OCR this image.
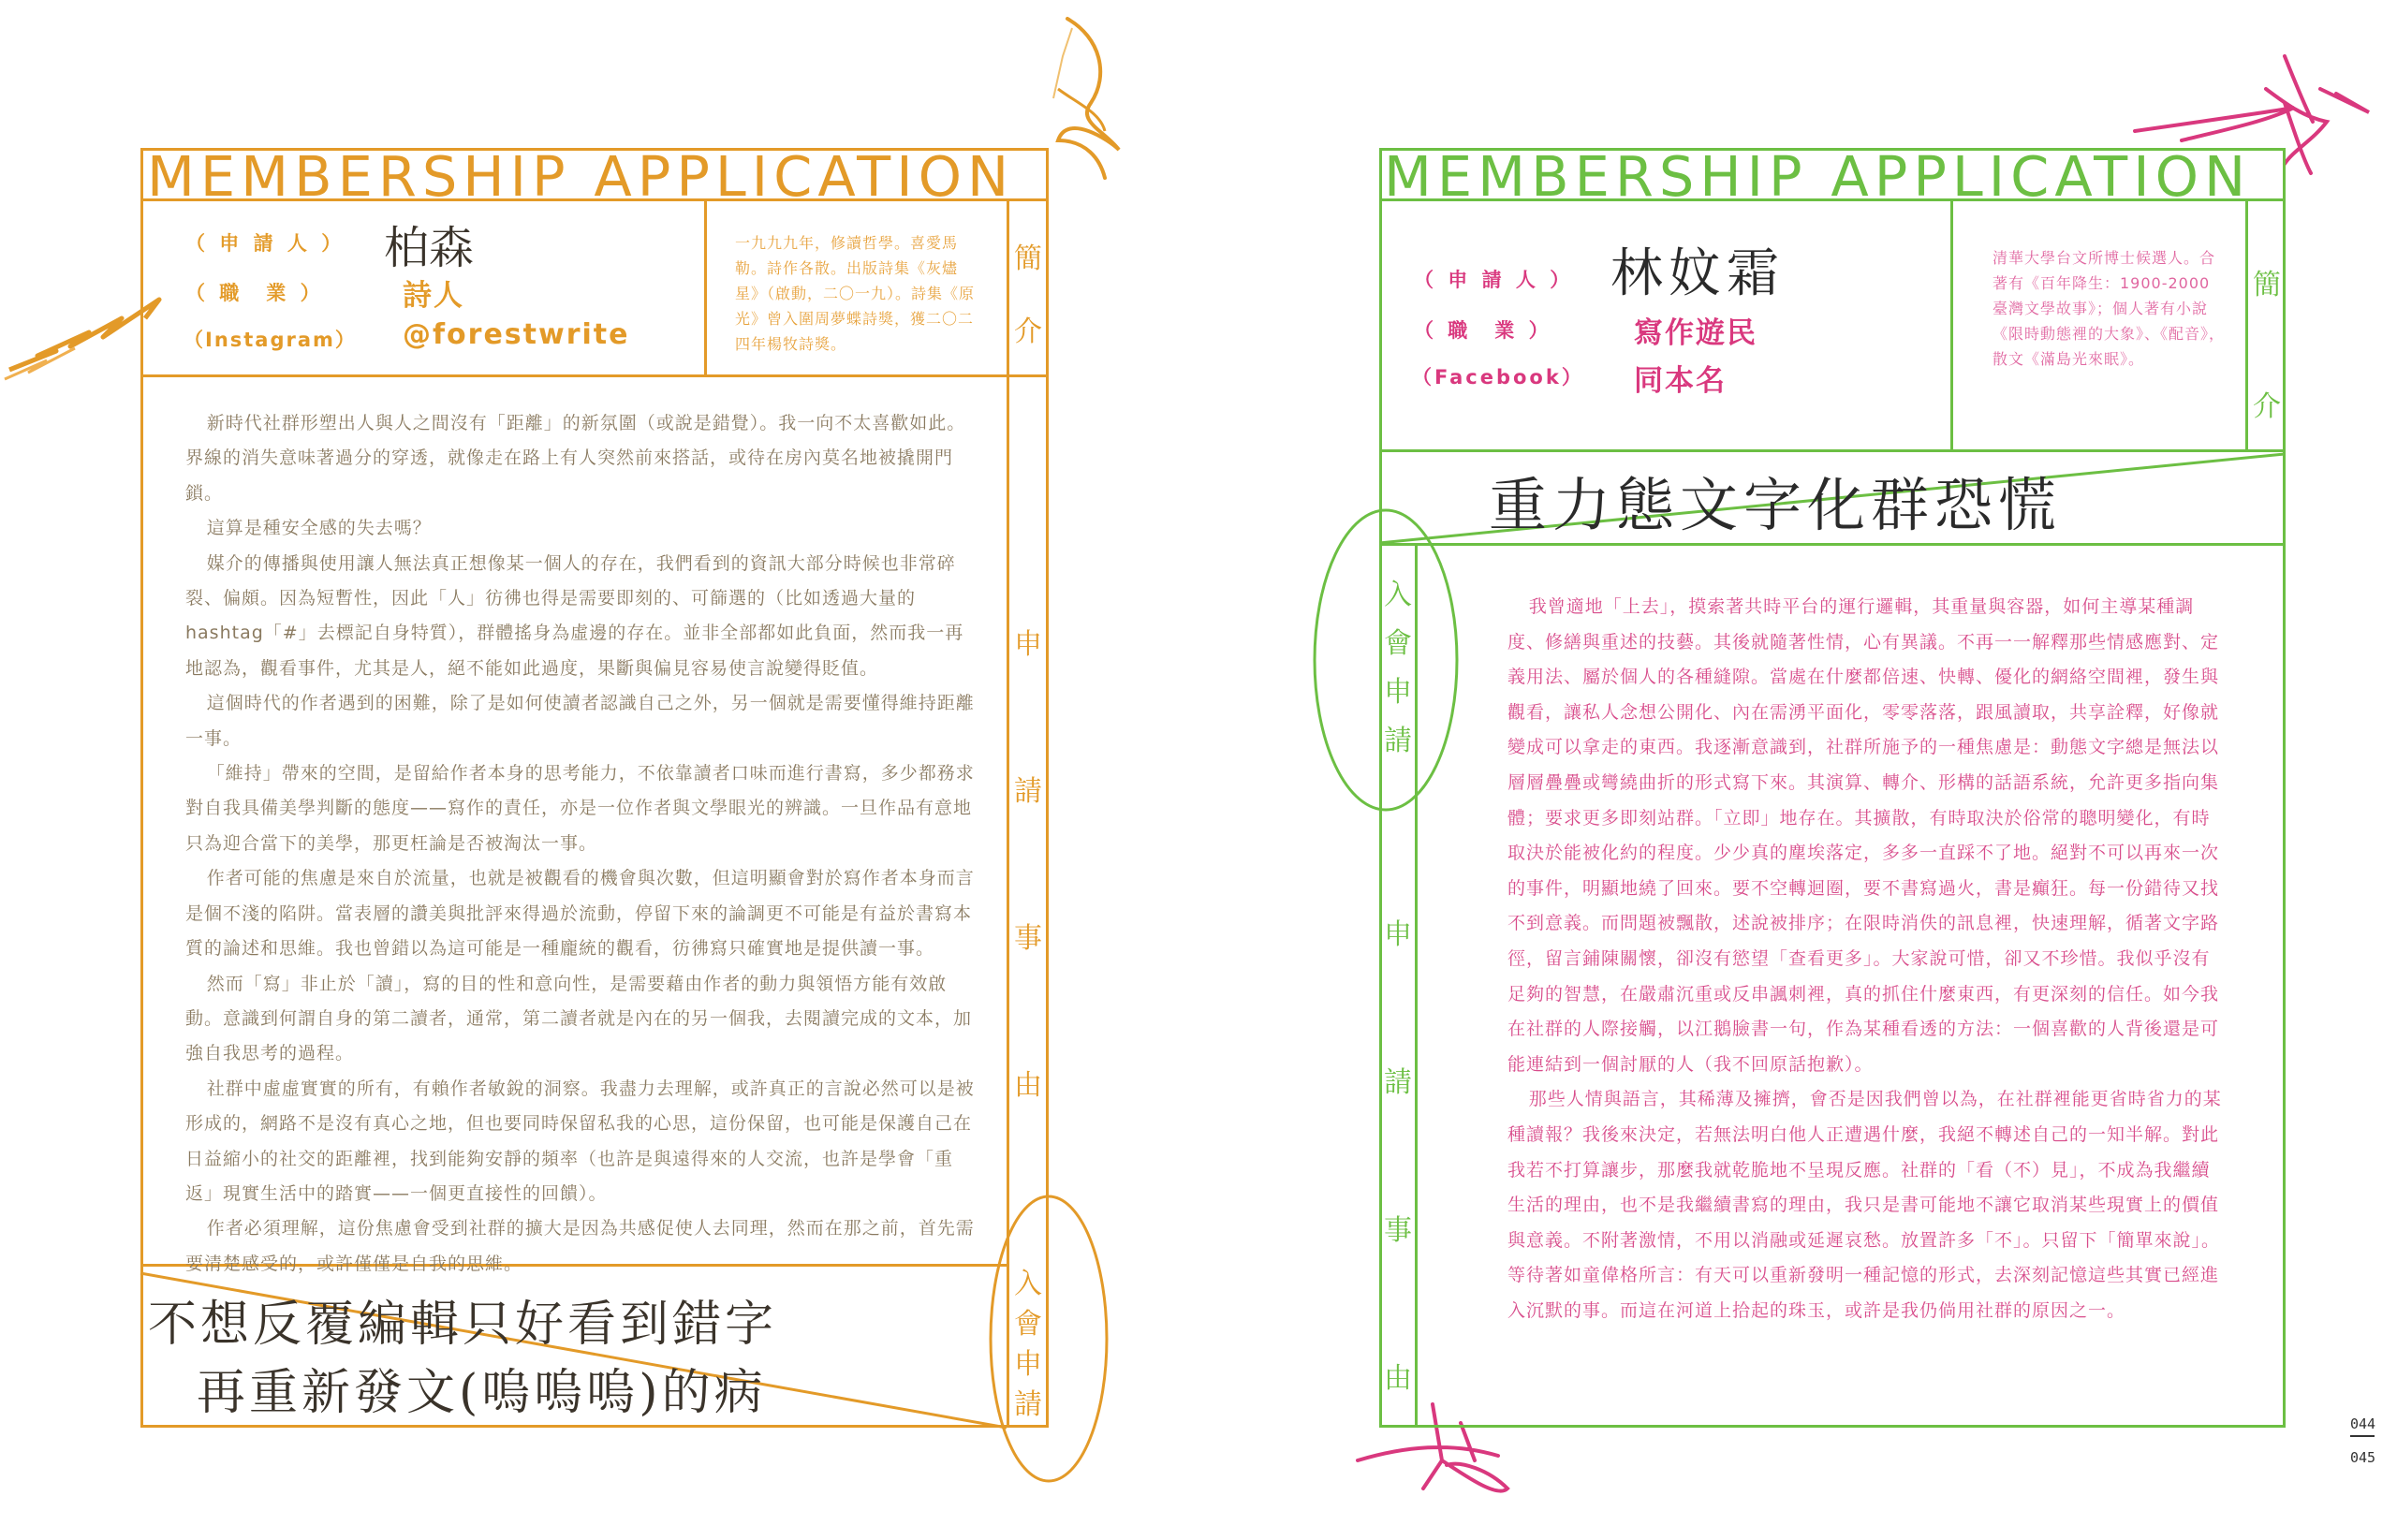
MEMBERSHIP APPLICATION
（ 申 請 人 ）
（ 職　業 ）
（Instagram）
柏森
詩人
@forestwrite
一九九九年，修讀哲學。喜愛馬勒。詩作各散。出版詩集《灰燼星》（啟動，二〇一九）。詩集《原光》曾入圍周夢蝶詩獎，獲二〇二四年楊牧詩獎。
簡介
申請事由
入會申請

新時代社群形塑出人與人之間沒有「距離」的新氛圍（或說是錯覺）。我一向不太喜歡如此。界線的消失意味著過分的穿透，就像走在路上有人突然前來搭話，或待在房內莫名地被撬開門鎖。

這算是種安全感的失去嗎？

媒介的傳播與使用讓人無法真正想像某一個人的存在，我們看到的資訊大部分時候也非常碎裂、偏頗。因為短暫性，因此「人」彷彿也得是需要即刻的、可篩選的（比如透過大量的 hashtag「#」去標記自身特質），群體搖身為虛邊的存在。並非全部都如此負面，然而我一再地認為，觀看事件，尤其是人，絕不能如此過度，果斷與偏見容易使言說變得貶值。

這個時代的作者遇到的困難，除了是如何使讀者認識自己之外，另一個就是需要懂得維持距離一事。

「維持」帶來的空間，是留給作者本身的思考能力，不依靠讀者口味而進行書寫，多少都務求對自我具備美學判斷的態度——寫作的責任，亦是一位作者與文學眼光的辨識。一旦作品有意地只為迎合當下的美學，那更枉論是否被淘汰一事。

作者可能的焦慮是來自於流量，也就是被觀看的機會與次數，但這明顯會對於寫作者本身而言是個不淺的陷阱。當表層的讚美與批評來得過於流動，停留下來的論調更不可能是有益於書寫本質的論述和思維。我也曾錯以為這可能是一種龐統的觀看，彷彿寫只確實地是提供讀一事。

然而「寫」非止於「讀」，寫的目的性和意向性，是需要藉由作者的動力與領悟方能有效啟動。意識到何謂自身的第二讀者，通常，第二讀者就是內在的另一個我，去閱讀完成的文本，加強自我思考的過程。

社群中虛虛實實的所有，有賴作者敏銳的洞察。我盡力去理解，或許真正的言說必然可以是被形成的，網路不是沒有真心之地，但也要同時保留私我的心思，這份保留，也可能是保護自己在日益縮小的社交的距離裡，找到能夠安靜的頻率（也許是與遠得來的人交流，也許是學會「重返」現實生活中的踏實——一個更直接性的回饋）。

作者必須理解，這份焦慮會受到社群的擴大是因為共感促使人去同理，然而在那之前，首先需要清楚感受的，或許僅僅是自我的思維。

不想反覆編輯只好看到錯字
再重新發文(嗚嗚嗚)的病
MEMBERSHIP APPLICATION
（ 申 請 人 ）
（ 職　業 ）
（Facebook）
林妏霜
寫作遊民
同本名
清華大學台文所博士候選人。合著有《百年降生：1900-2000 臺灣文學故事》；個人著有小說《限時動態裡的大象》、《配音》，散文《滿島光來眠》。
簡介
重力態文字化群恐慌
入會申請
申請事由

我曾適地「上去」，摸索著共時平台的運行邏輯，其重量與容器，如何主導某種調度、修繕與重述的技藝。其後就隨著性情，心有異議。不再一一解釋那些情感應對、定義用法、屬於個人的各種縫隙。當處在什麼都倍速、快轉、優化的網絡空間裡，發生與觀看，讓私人念想公開化、內在需湧平面化，零零落落，跟風讀取，共享詮釋，好像就變成可以拿走的東西。我逐漸意識到，社群所施予的一種焦慮是：動態文字總是無法以層層疊疊或彎繞曲折的形式寫下來。其演算、轉介、形構的話語系統，允許更多指向集體；要求更多即刻站群。「立即」地存在。其擴散，有時取決於俗常的聰明變化，有時取決於能被化約的程度。少少真的塵埃落定，多多一直踩不了地。絕對不可以再來一次的事件，明顯地繞了回來。要不空轉迴圈，要不書寫過火，書是癲狂。每一份錯待又找不到意義。而問題被飄散，述說被排序；在限時消佚的訊息裡，快速理解，循著文字路徑，留言鋪陳關懷，卻沒有慾望「查看更多」。大家說可惜，卻又不珍惜。我似乎沒有足夠的智慧，在嚴肅沉重或反串諷刺裡，真的抓住什麼東西，有更深刻的信任。如今我在社群的人際接觸，以江鵝臉書一句，作為某種看透的方法：一個喜歡的人背後還是可能連結到一個討厭的人（我不回原話抱歉）。

那些人情與語言，其稀薄及擁擠，會否是因我們曾以為，在社群裡能更省時省力的某種讀報？我後來決定，若無法明白他人正遭遇什麼，我絕不轉述自己的一知半解。對此我若不打算讓步，那麼我就乾脆地不呈現反應。社群的「看（不）見」，不成為我繼續生活的理由，也不是我繼續書寫的理由，我只是書可能地不讓它取消某些現實上的價值與意義。不附著激情，不用以消融或延遲哀愁。放置許多「不」。只留下「簡單來說」。等待著如童偉格所言：有天可以重新發明一種記憶的形式，去深刻記憶這些其實已經進入沉默的事。而這在河道上拾起的珠玉，或許是我仍倘用社群的原因之一。

044
045
